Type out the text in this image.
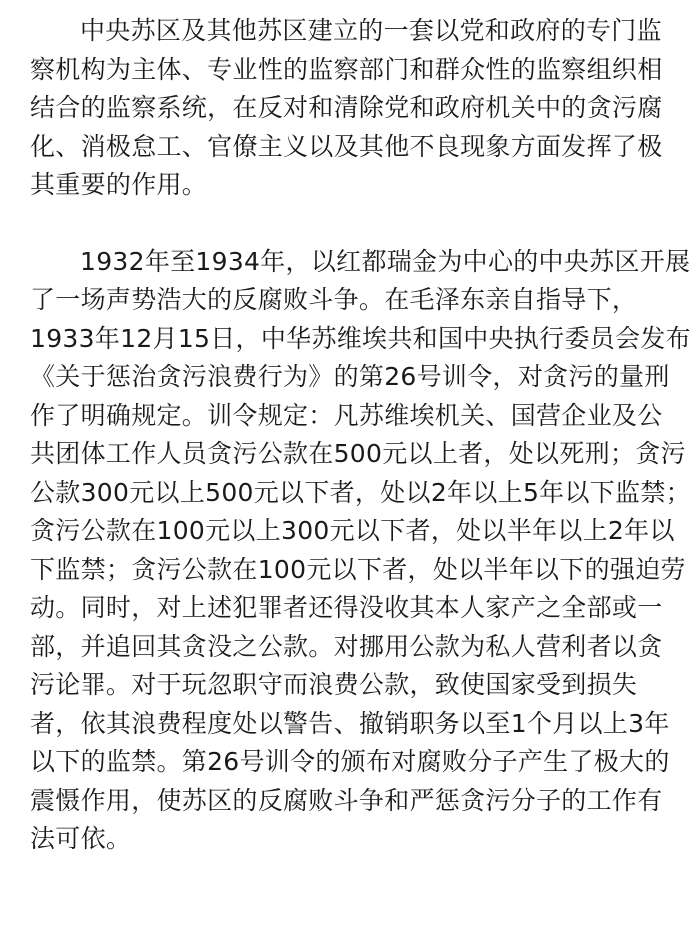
中央苏区及其他苏区建立的一套以党和政府的专门监
察机构为主体、专业性的监察部门和群众性的监察组织相
结合的监察系统，在反对和清除党和政府机关中的贪污腐
化、消极怠工、官僚主义以及其他不良现象方面发挥了极
其重要的作用。
1932年至1934年，以红都瑞金为中心的中央苏区开展
了一场声势浩大的反腐败斗争。在毛泽东亲自指导下，
1933年12月15日，中华苏维埃共和国中央执行委员会发布
《关于惩治贪污浪费行为》的第26号训令，对贪污的量刑
作了明确规定。训令规定：凡苏维埃机关、国营企业及公
共团体工作人员贪污公款在500元以上者，处以死刑；贪污
公款300元以上500元以下者，处以2年以上5年以下监禁；
贪污公款在100元以上300元以下者，处以半年以上2年以
下监禁；贪污公款在100元以下者，处以半年以下的强迫劳
动。同时，对上述犯罪者还得没收其本人家产之全部或一
部，并追回其贪没之公款。对挪用公款为私人营利者以贪
污论罪。对于玩忽职守而浪费公款，致使国家受到损失
者，依其浪费程度处以警告、撤销职务以至1个月以上3年
以下的监禁。第26号训令的颁布对腐败分子产生了极大的
震慑作用，使苏区的反腐败斗争和严惩贪污分子的工作有
法可依。
